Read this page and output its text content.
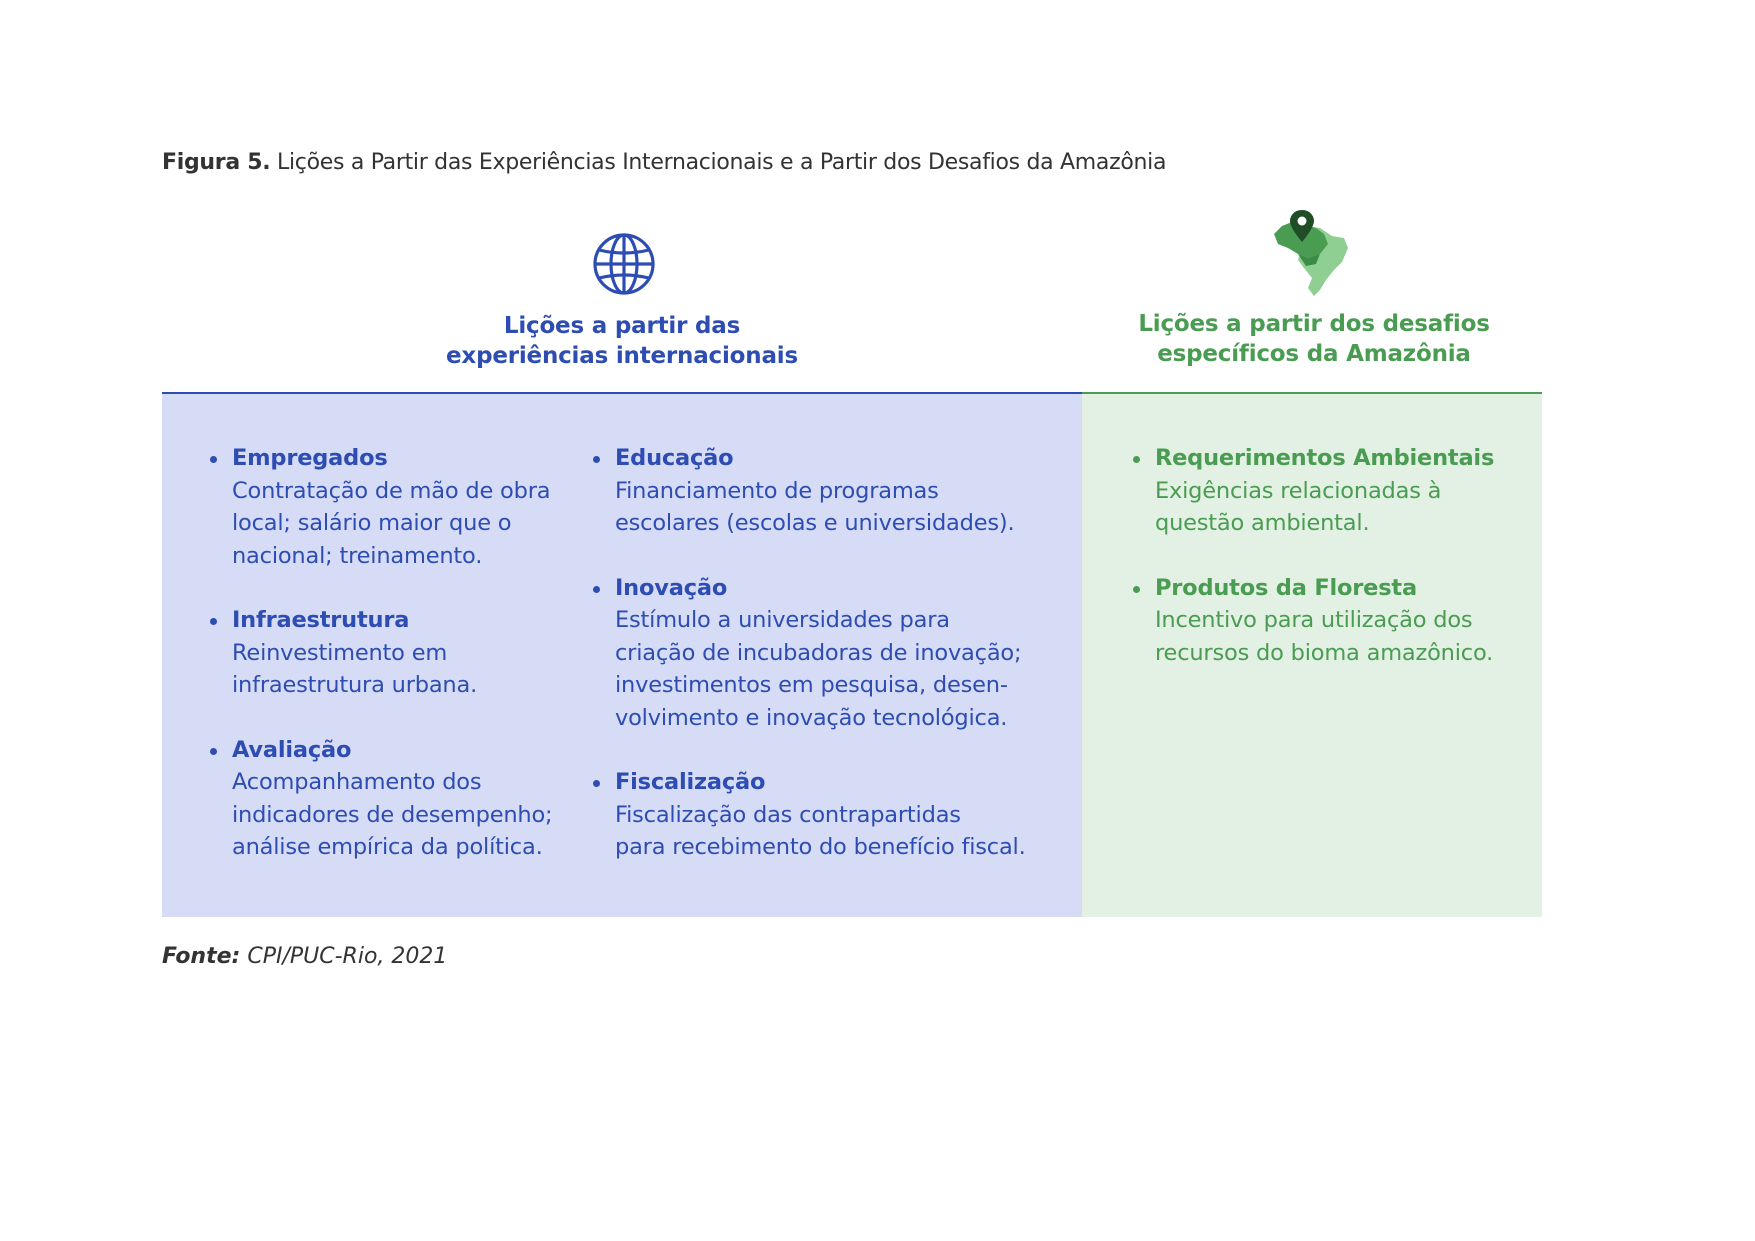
Figura 5. Lições a Partir das Experiências Internacionais e a Partir dos Desafios da Amazônia
Lições a partir das
experiências internacionais
Lições a partir dos desafios
específicos da Amazônia
Empregados
Contratação de mão de obra
local; salário maior que o
nacional; treinamento.
Infraestrutura
Reinvestimento em
infraestrutura urbana.
Avaliação
Acompanhamento dos
indicadores de desempenho;
análise empírica da política.
Educação
Financiamento de programas
escolares (escolas e universidades).
Inovação
Estímulo a universidades para
criação de incubadoras de inovação;
investimentos em pesquisa, desen-
volvimento e inovação tecnológica.
Fiscalização
Fiscalização das contrapartidas
para recebimento do benefício fiscal.
Requerimentos Ambientais
Exigências relacionadas à
questão ambiental.
Produtos da Floresta
Incentivo para utilização dos
recursos do bioma amazônico.
Fonte: CPI/PUC-Rio, 2021
